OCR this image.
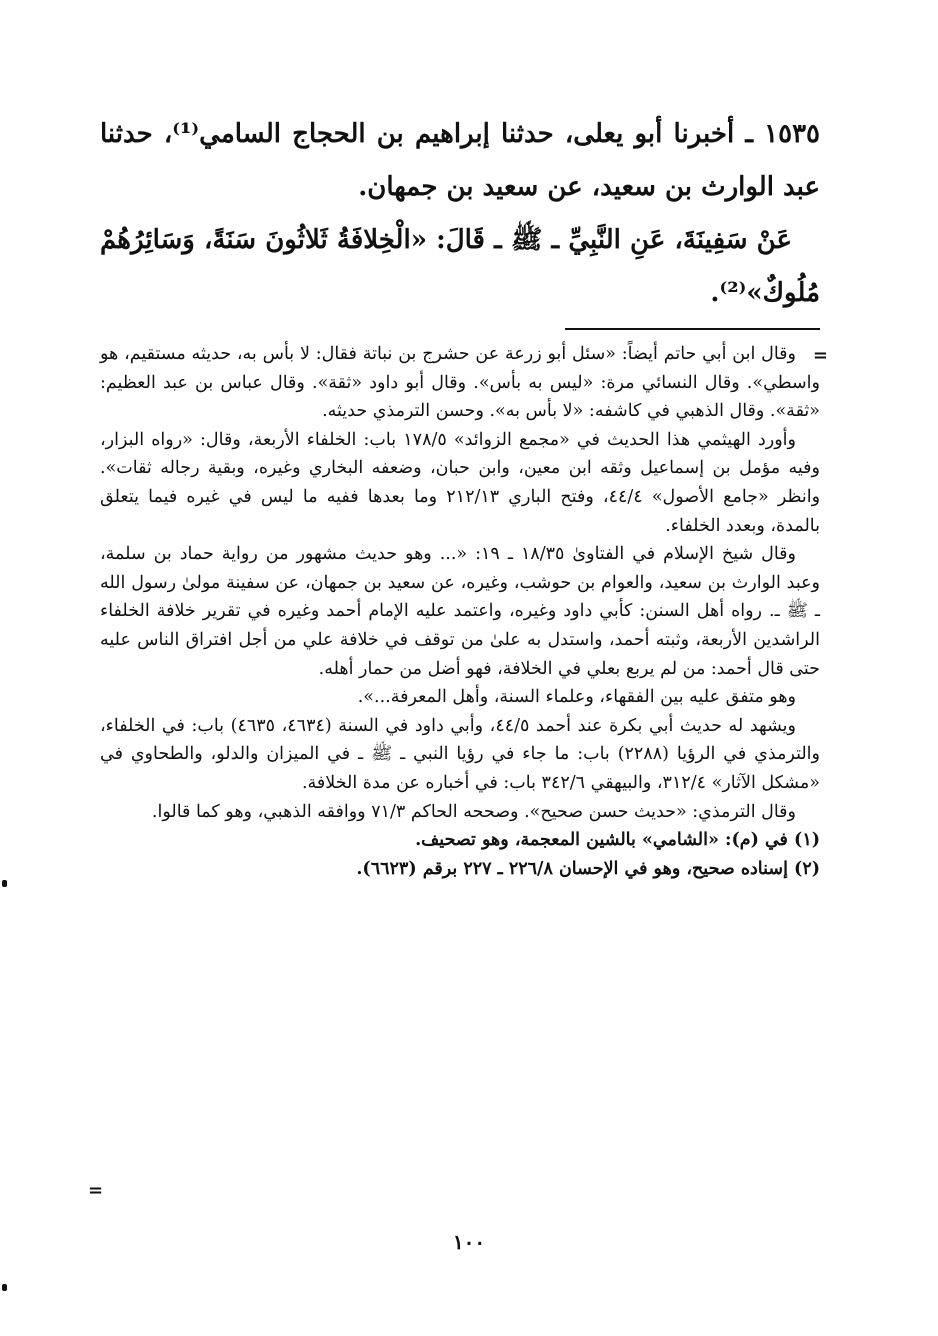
١٥٣٥ ـ أخبرنا أبو يعلى، حدثنا إبراهيم بن الحجاج السامي⁽¹⁾، حدثنا عبد الوارث بن سعيد، عن سعيد بن جمهان.

عَنْ سَفِينَةَ، عَنِ النَّبِيِّ ـ ﷺ ـ قَالَ: «الْخِلافَةُ ثَلاثُونَ سَنَةً، وَسَائِرُهُمْ مُلُوكٌ»⁽²⁾.

=

وقال ابن أبي حاتم أيضاً: «سئل أبو زرعة عن حشرج بن نباتة فقال: لا بأس به، حديثه مستقيم، هو واسطي». وقال النسائي مرة: «ليس به بأس». وقال أبو داود «ثقة». وقال عباس بن عبد العظيم: «ثقة». وقال الذهبي في كاشفه: «لا بأس به». وحسن الترمذي حديثه.

وأورد الهيثمي هذا الحديث في «مجمع الزوائد» ١٧٨/٥ باب: الخلفاء الأربعة، وقال: «رواه البزار، وفيه مؤمل بن إسماعيل وثقه ابن معين، وابن حبان، وضعفه البخاري وغيره، وبقية رجاله ثقات». وانظر «جامع الأصول» ٤٤/٤، وفتح الباري ٢١٢/١٣ وما بعدها ففيه ما ليس في غيره فيما يتعلق بالمدة، وبعدد الخلفاء.

وقال شيخ الإسلام في الفتاوىٰ ١٨/٣٥ ـ ١٩: «... وهو حديث مشهور من رواية حماد بن سلمة، وعبد الوارث بن سعيد، والعوام بن حوشب، وغيره، عن سعيد بن جمهان، عن سفينة مولىٰ رسول الله ـ ﷺ ـ. رواه أهل السنن: كأبي داود وغيره، واعتمد عليه الإمام أحمد وغيره في تقرير خلافة الخلفاء الراشدين الأربعة، وثبته أحمد، واستدل به علىٰ من توقف في خلافة علي من أجل افتراق الناس عليه حتى قال أحمد: من لم يربع بعلي في الخلافة، فهو أضل من حمار أهله.

وهو متفق عليه بين الفقهاء، وعلماء السنة، وأهل المعرفة...».

ويشهد له حديث أبي بكرة عند أحمد ٤٤/٥، وأبي داود في السنة (٤٦٣٤، ٤٦٣٥) باب: في الخلفاء، والترمذي في الرؤيا (٢٢٨٨) باب: ما جاء في رؤيا النبي ـ ﷺ ـ في الميزان والدلو، والطحاوي في «مشكل الآثار» ٣١٢/٤، والبيهقي ٣٤٢/٦ باب: في أخباره عن مدة الخلافة.

وقال الترمذي: «حديث حسن صحيح». وصححه الحاكم ٧١/٣ ووافقه الذهبي، وهو كما قالوا.

(١) في (م): «الشامي» بالشين المعجمة، وهو تصحيف.

(٢) إسناده صحيح، وهو في الإحسان ٢٢٦/٨ ـ ٢٢٧ برقم (٦٦٢٣).

=
١٠٠
